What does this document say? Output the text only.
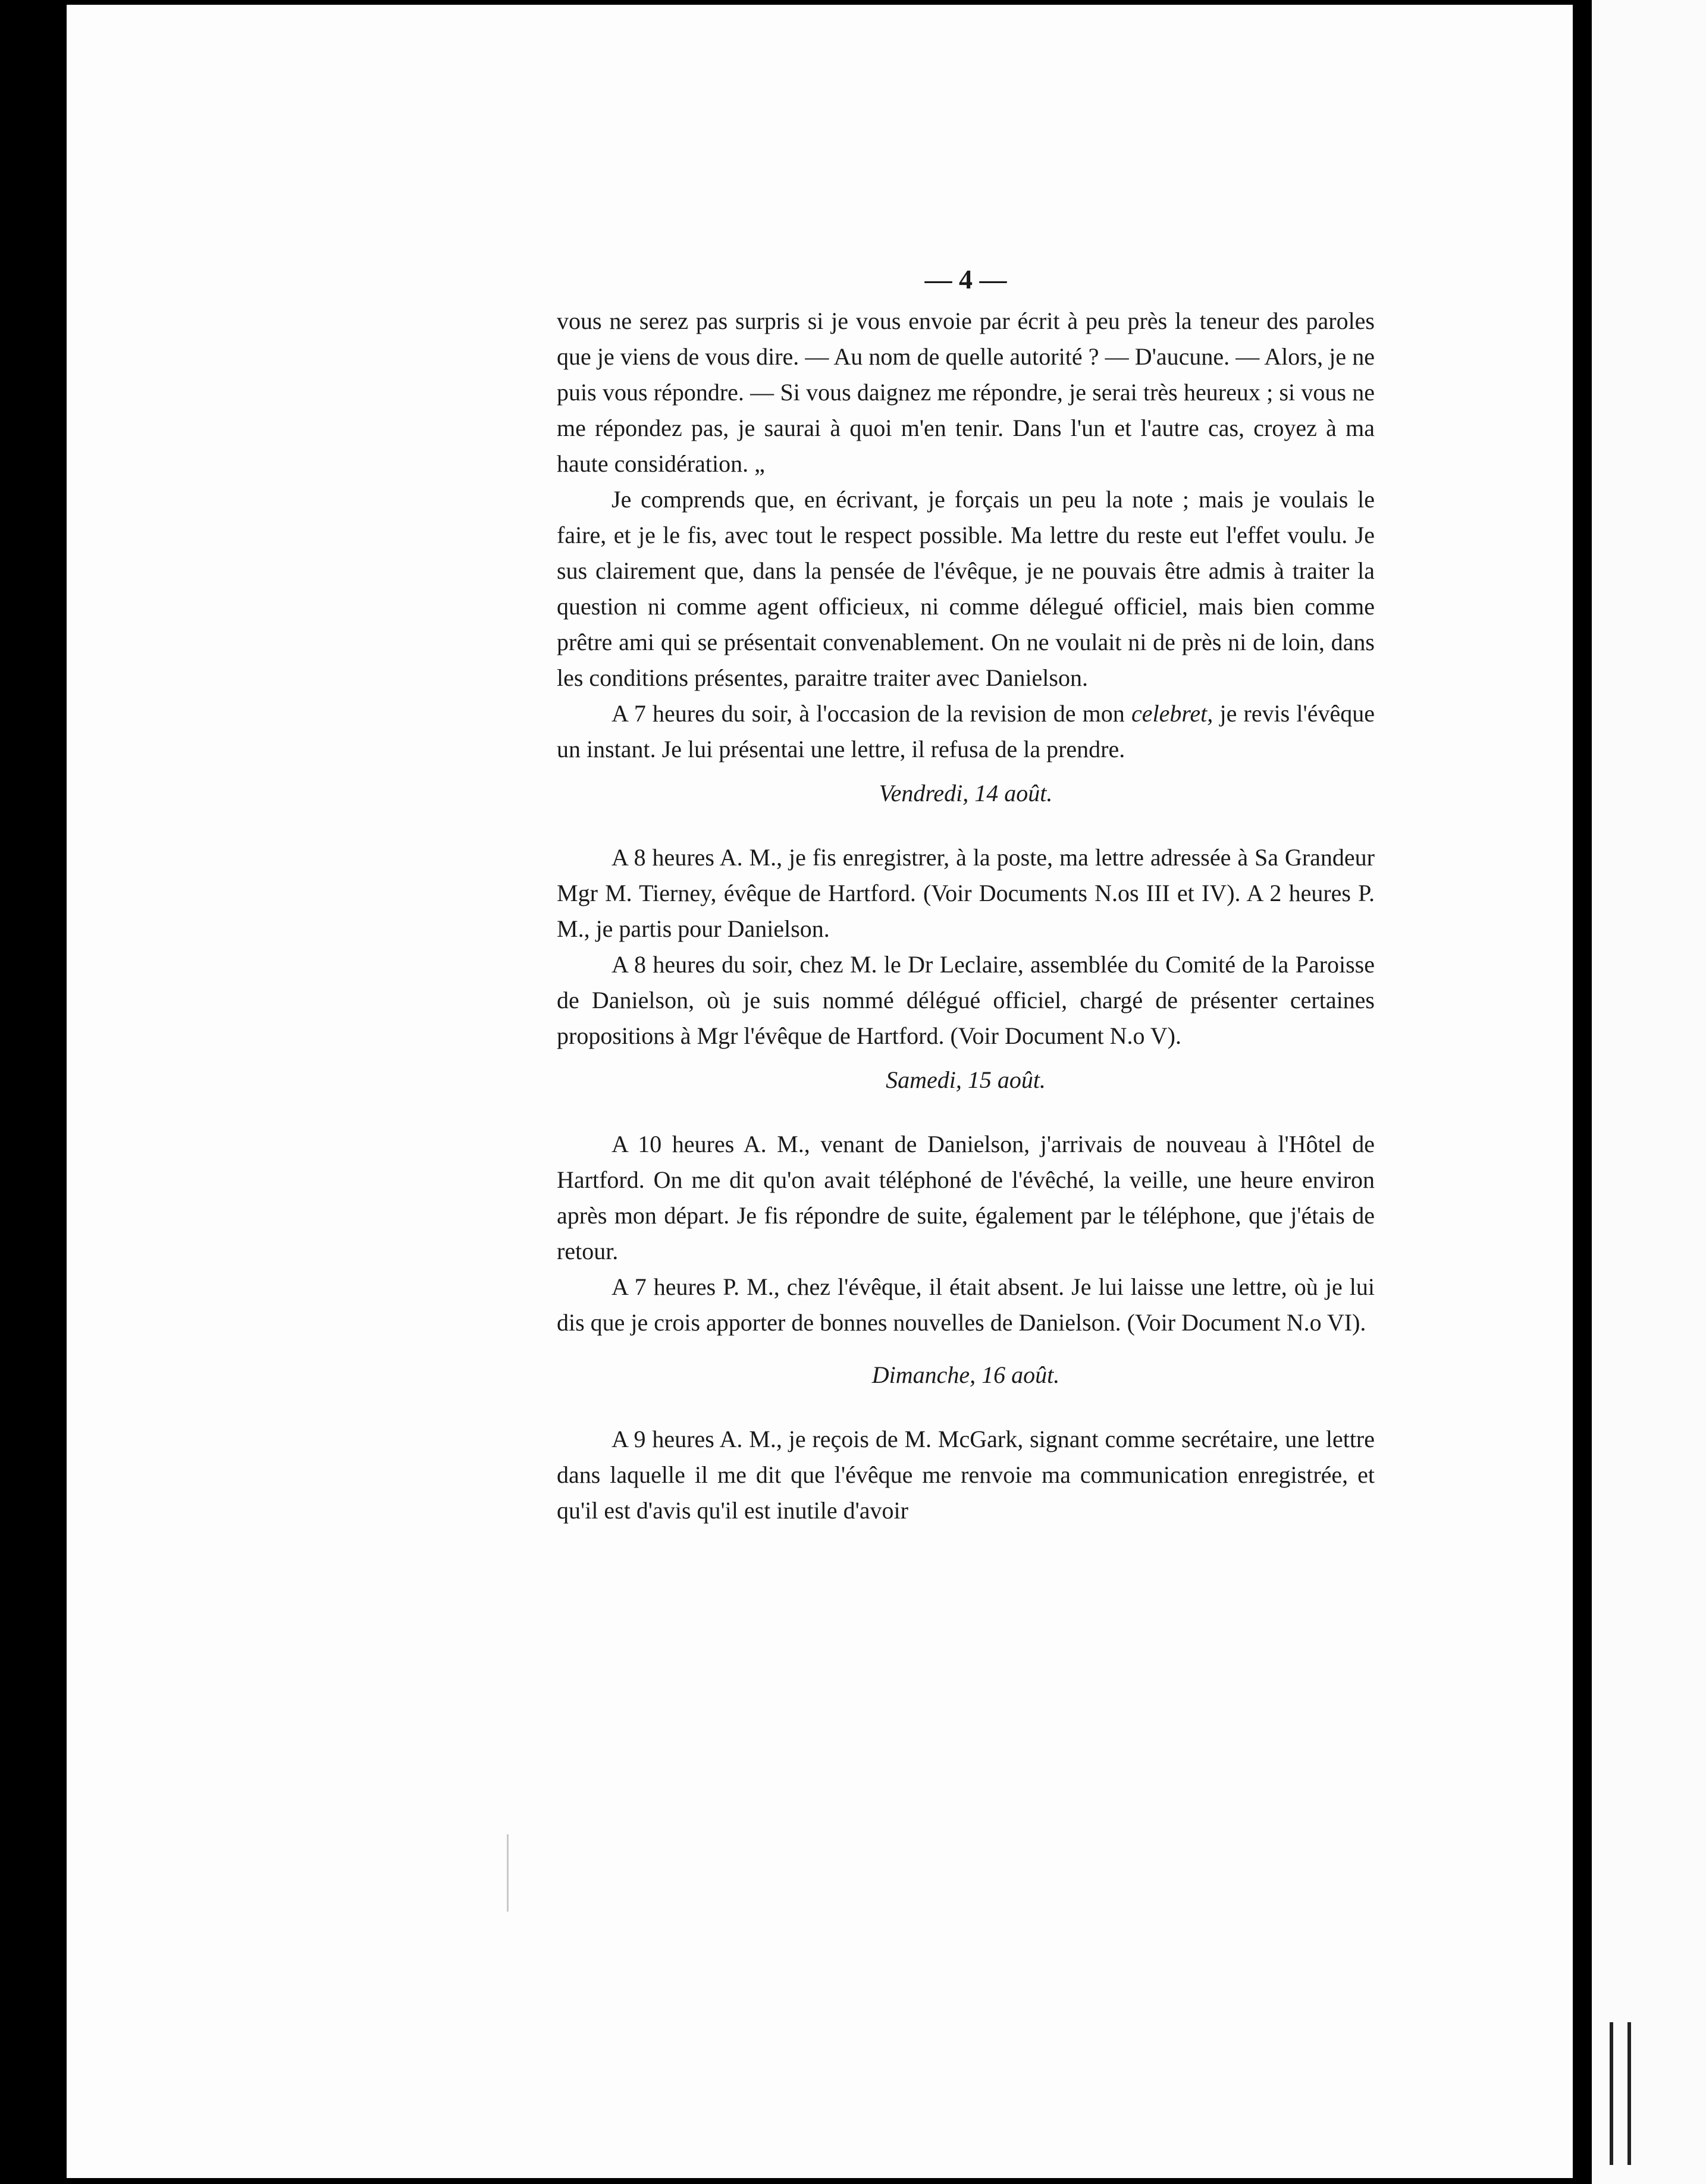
— 4 —

vous ne serez pas surpris si je vous envoie par écrit à peu près la teneur des paroles que je viens de vous dire. — Au nom de quelle autorité ? — D'aucune. — Alors, je ne puis vous répondre. — Si vous daignez me répondre, je serai très heureux ; si vous ne me répondez pas, je saurai à quoi m'en tenir. Dans l'un et l'autre cas, croyez à ma haute considération. „

Je comprends que, en écrivant, je forçais un peu la note ; mais je voulais le faire, et je le fis, avec tout le respect possible. Ma lettre du reste eut l'effet voulu. Je sus clairement que, dans la pensée de l'évêque, je ne pouvais être admis à traiter la question ni comme agent officieux, ni comme délegué officiel, mais bien comme prêtre ami qui se présentait convenablement. On ne voulait ni de près ni de loin, dans les conditions présentes, paraitre traiter avec Danielson.

A 7 heures du soir, à l'occasion de la revision de mon celebret, je revis l'évêque un instant. Je lui présentai une lettre, il refusa de la prendre.

Vendredi, 14 août.

A 8 heures A. M., je fis enregistrer, à la poste, ma lettre adressée à Sa Grandeur Mgr M. Tierney, évêque de Hartford. (Voir Documents N.os III et IV). A 2 heures P. M., je partis pour Danielson.

A 8 heures du soir, chez M. le Dr Leclaire, assemblée du Comité de la Paroisse de Danielson, où je suis nommé délégué officiel, chargé de présenter certaines propositions à Mgr l'évêque de Hartford. (Voir Document N.o V).

Samedi, 15 août.

A 10 heures A. M., venant de Danielson, j'arrivais de nouveau à l'Hôtel de Hartford. On me dit qu'on avait téléphoné de l'évêché, la veille, une heure environ après mon départ. Je fis répondre de suite, également par le téléphone, que j'étais de retour.

A 7 heures P. M., chez l'évêque, il était absent. Je lui laisse une lettre, où je lui dis que je crois apporter de bonnes nouvelles de Danielson. (Voir Document N.o VI).

Dimanche, 16 août.

A 9 heures A. M., je reçois de M. McGark, signant comme secrétaire, une lettre dans laquelle il me dit que l'évêque me renvoie ma communication enregistrée, et qu'il est d'avis qu'il est inutile d'avoir
